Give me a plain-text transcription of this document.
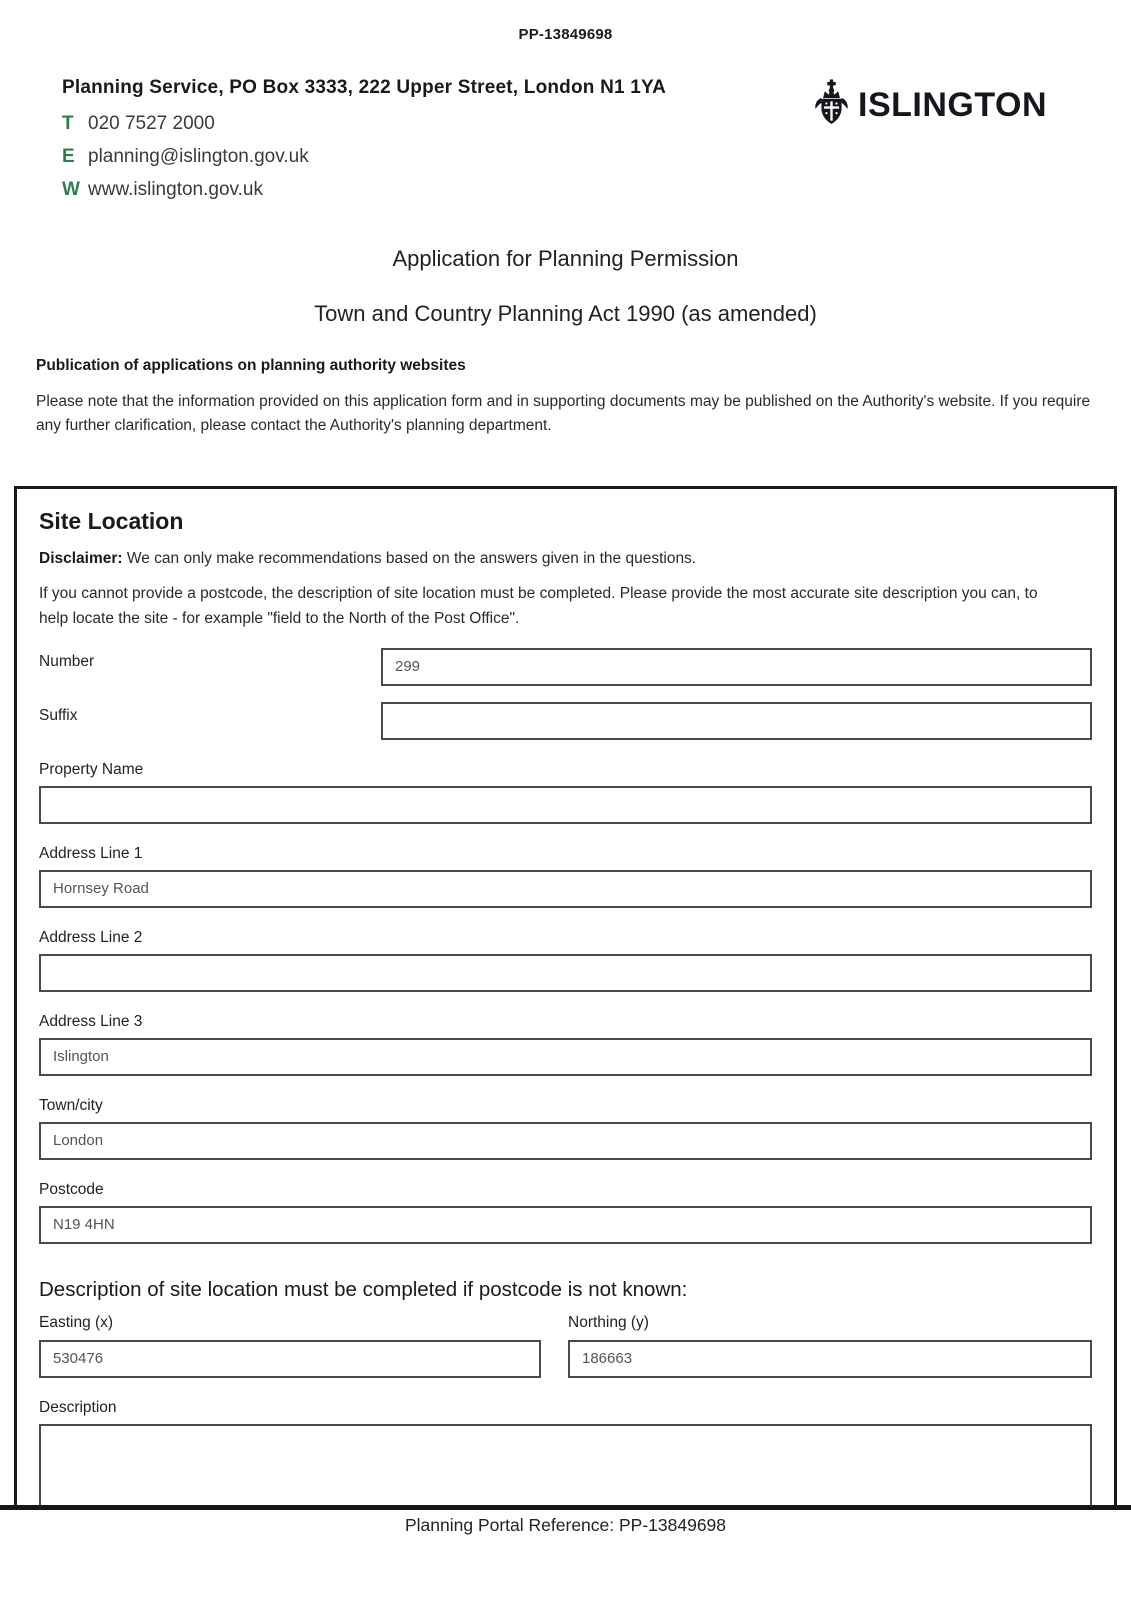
PP-13849698
Planning Service, PO Box 3333, 222 Upper Street, London N1 1YA
T 020 7527 2000
E planning@islington.gov.uk
W www.islington.gov.uk
ISLINGTON
Application for Planning Permission
Town and Country Planning Act 1990 (as amended)
Publication of applications on planning authority websites
Please note that the information provided on this application form and in supporting documents may be published on the Authority's website. If you require any further clarification, please contact the Authority's planning department.
Site Location
Disclaimer: We can only make recommendations based on the answers given in the questions.
If you cannot provide a postcode, the description of site location must be completed. Please provide the most accurate site description you can, to help locate the site - for example "field to the North of the Post Office".
Number
299
Suffix
Property Name
Address Line 1
Hornsey Road
Address Line 2
Address Line 3
Islington
Town/city
London
Postcode
N19 4HN
Description of site location must be completed if postcode is not known:
Easting (x)
530476	Northing (y)
186663
Description
Planning Portal Reference: PP-13849698
